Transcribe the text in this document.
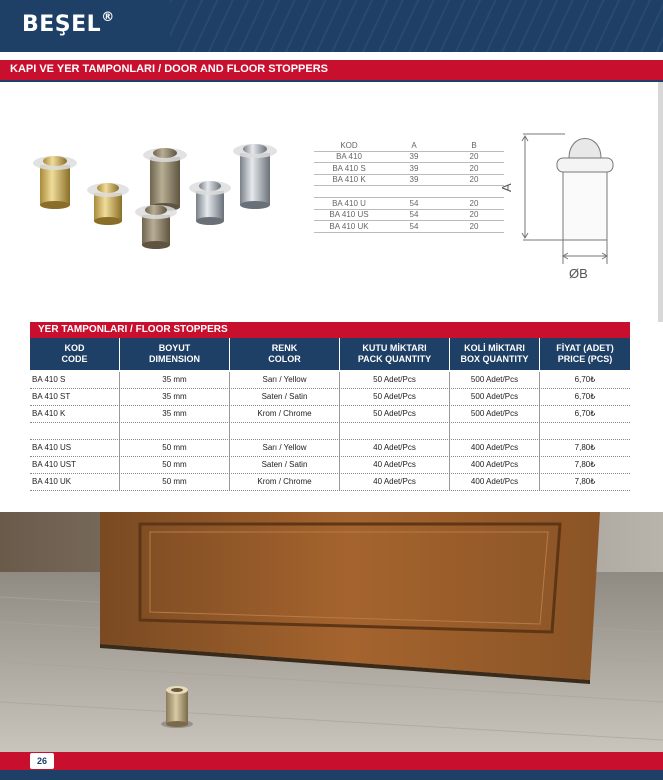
BEŞEL®
KAPI VE YER TAMPONLARI / DOOR AND FLOOR STOPPERS
KOD	A	B
BA 410	39	20
BA 410 S	39	20
BA 410 K	39	20
BA 410 U	54	20
BA 410 US	54	20
BA 410 UK	54	20
A
ØB
YER TAMPONLARI / FLOOR STOPPERS
KOD
CODE
BOYUT
DIMENSION
RENK
COLOR
KUTU MİKTARI
PACK QUANTITY
KOLİ MİKTARI
BOX QUANTITY
FİYAT (ADET)
PRICE (PCS)
BA 410 S	35 mm	Sarı / Yellow	50 Adet/Pcs	500 Adet/Pcs	6,70₺
BA 410 ST	35 mm	Saten / Satin	50 Adet/Pcs	500 Adet/Pcs	6,70₺
BA 410 K	35 mm	Krom / Chrome	50 Adet/Pcs	500 Adet/Pcs	6,70₺
BA 410 US	50 mm	Sarı / Yellow	40 Adet/Pcs	400 Adet/Pcs	7,80₺
BA 410 UST	50 mm	Saten / Satin	40 Adet/Pcs	400 Adet/Pcs	7,80₺
BA 410 UK	50 mm	Krom / Chrome	40 Adet/Pcs	400 Adet/Pcs	7,80₺
26
